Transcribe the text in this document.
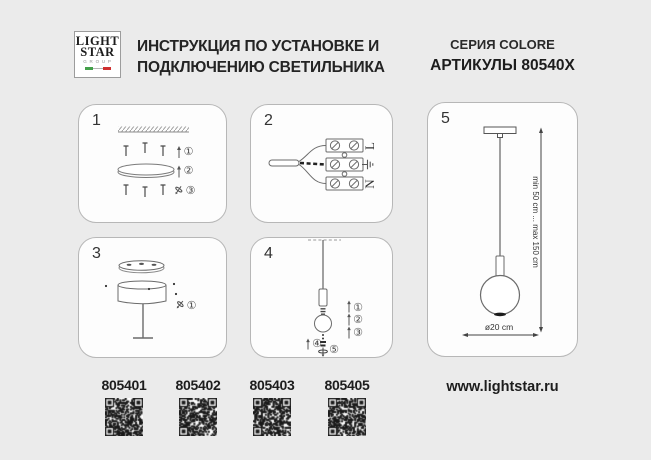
LIGHT
STAR
GROUP
ИНСТРУКЦИЯ ПО УСТАНОВКЕ И
ПОДКЛЮЧЕНИЮ СВЕТИЛЬНИКА
СЕРИЯ COLORE
АРТИКУЛЫ 80540X
1
①
②
③
2
L
N
3
①
4
①
②
③
④ ⑤
5
min 50 cm ... max 150 cm
ø20 cm
805401	805402	805403	805405	www.lightstar.ru
